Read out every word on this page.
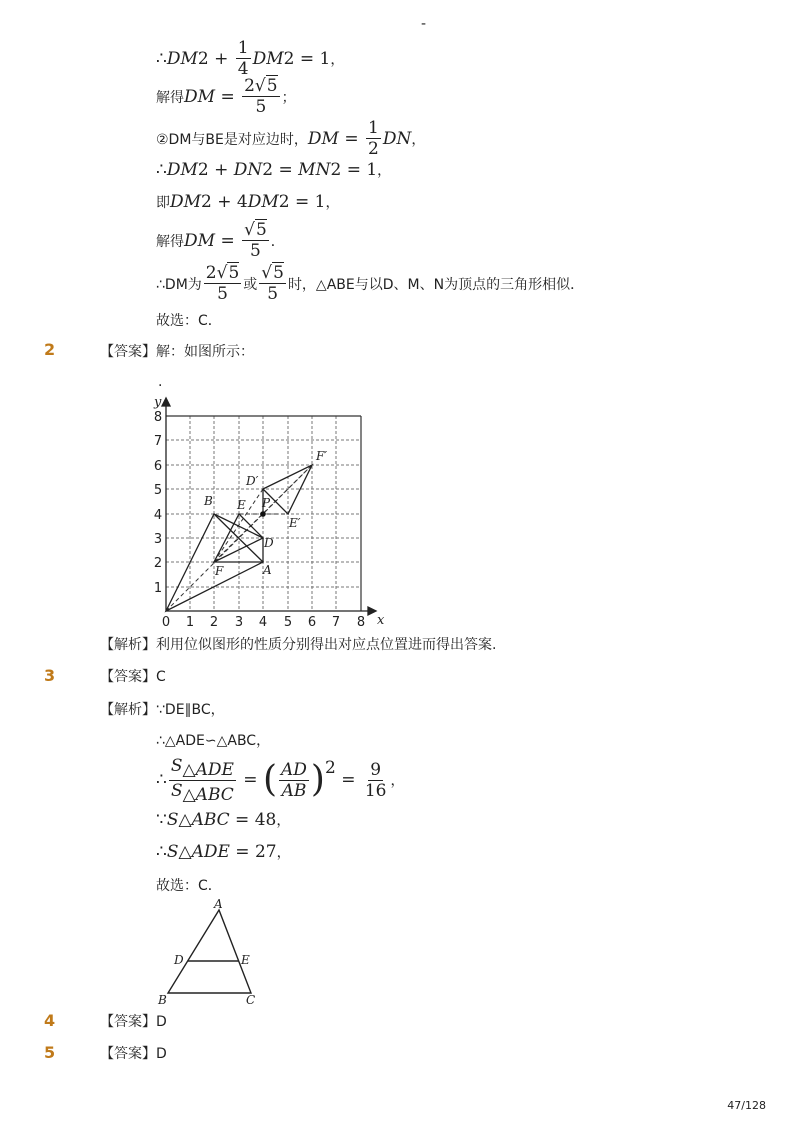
-
∴ DM $2 + \frac{1}{4}$ DM 2 = 1 ，
解得 DM = $\frac{2√5}{5}$ ；
②DM与BE是对应边时， DM = $\frac{1}{2}$ DN ，
∴ DM 2 + DN 2 = MN 2 = 1 ，
即 DM 2 + 4 DM 2 = 1 ，
解得 DM = $\frac{√5}{5}$ ．
∴DM为 $\frac{2√5}{5}$ 或 $\frac{√5}{5}$ 时，△ABE与以D、M、N为顶点的三角形相似．
故选：C．
2	【答案】解：如图所示：
.
x
y
0 1 2 3 4 5 6 7 8
1
2
3
4
5
6
7
8
B E
D
A
F
D′
E′
F′
P
【解析】利用位似图形的性质分别得出对应点位置进而得出答案.
3	【答案】C
【解析】∵DE∥BC，
∴△ADE∽△ABC，
∴ $\frac{S_{\triangle ADE}}{S_{\triangle ABC}}$ = ( $\frac{AD}{AB} )^2$
= $\frac{9}{16}$ ，
∵ S △ABC = 48 ，
∴ S △ADE = 27 ，
故选：C．
A
D	E
B	C
4	【答案】D
5	【答案】D
47/128
